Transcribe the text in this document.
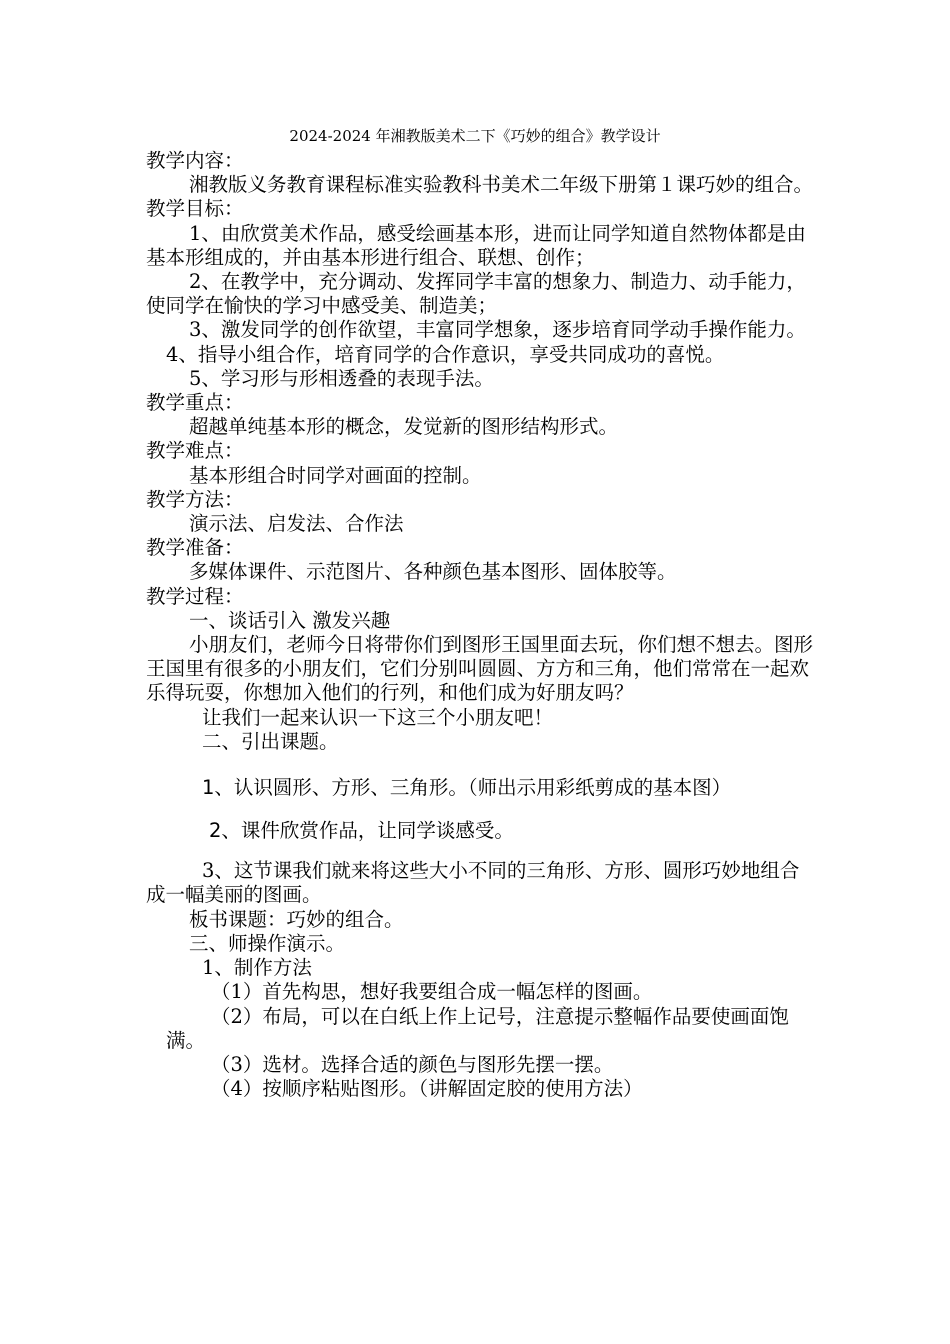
2024-2024 年湘教版美术二下《巧妙的组合》教学设计

教学内容：

湘教版义务教育课程标准实验教科书美术二年级下册第１课巧妙的组合。

教学目标：

1、由欣赏美术作品，感受绘画基本形，进而让同学知道自然物体都是由基本形组成的，并由基本形进行组合、联想、创作；

2、在教学中，充分调动、发挥同学丰富的想象力、制造力、动手能力，使同学在愉快的学习中感受美、制造美；

3、激发同学的创作欲望，丰富同学想象，逐步培育同学动手操作能力。

4、指导小组合作，培育同学的合作意识，享受共同成功的喜悦。

5、学习形与形相透叠的表现手法。

教学重点：

超越单纯基本形的概念，发觉新的图形结构形式。

教学难点：

基本形组合时同学对画面的控制。

教学方法：

演示法、启发法、合作法

教学准备：

多媒体课件、示范图片、各种颜色基本图形、固体胶等。

教学过程：

一、谈话引入 激发兴趣

小朋友们，老师今日将带你们到图形王国里面去玩，你们想不想去。图形王国里有很多的小朋友们，它们分别叫圆圆、方方和三角，他们常常在一起欢乐得玩耍，你想加入他们的行列，和他们成为好朋友吗？

让我们一起来认识一下这三个小朋友吧！

二、引出课题。

1、认识圆形、方形、三角形。（师出示用彩纸剪成的基本图）

2、课件欣赏作品，让同学谈感受。

3、这节课我们就来将这些大小不同的三角形、方形、圆形巧妙地组合成一幅美丽的图画。

板书课题：巧妙的组合。

三、师操作演示。

1、制作方法

（1）首先构思，想好我要组合成一幅怎样的图画。

（2）布局，可以在白纸上作上记号，注意提示整幅作品要使画面饱满。

（3）选材。选择合适的颜色与图形先摆一摆。

（4）按顺序粘贴图形。（讲解固定胶的使用方法）
